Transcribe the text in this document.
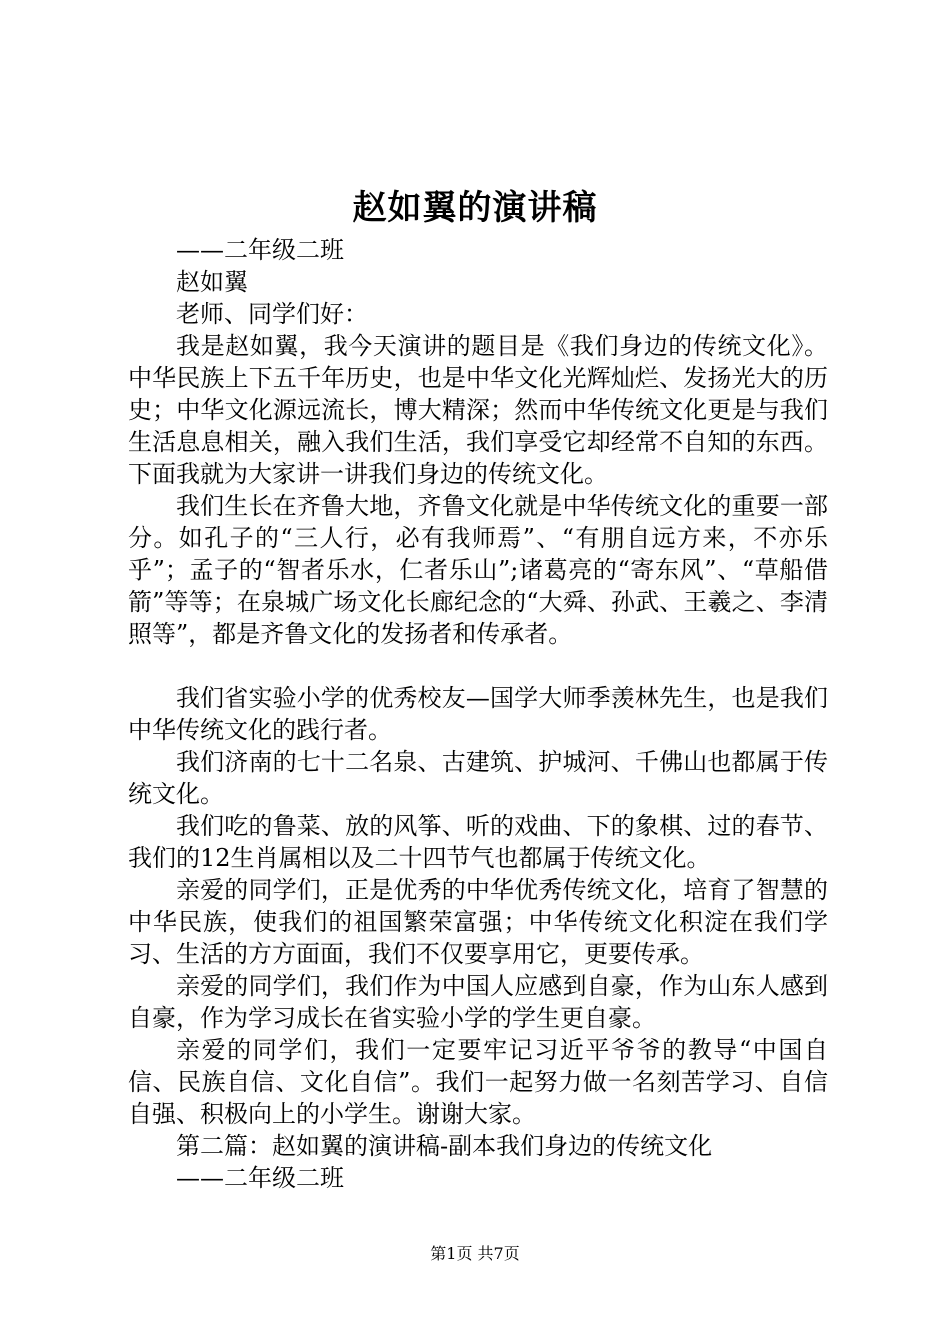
赵如翼的演讲稿

——二年级二班

赵如翼

老师、同学们好：

我是赵如翼，我今天演讲的题目是《我们身边的传统文化》。中华民族上下五千年历史，也是中华文化光辉灿烂、发扬光大的历史；中华文化源远流长，博大精深；然而中华传统文化更是与我们生活息息相关，融入我们生活，我们享受它却经常不自知的东西。下面我就为大家讲一讲我们身边的传统文化。

我们生长在齐鲁大地，齐鲁文化就是中华传统文化的重要一部分。如孔子的“三人行，必有我师焉”、“有朋自远方来，不亦乐乎”；孟子的“智者乐水，仁者乐山”;诸葛亮的“寄东风”、“草船借箭”等等；在泉城广场文化长廊纪念的“大舜、孙武、王羲之、李清照等”，都是齐鲁文化的发扬者和传承者。

我们省实验小学的优秀校友—国学大师季羡林先生，也是我们中华传统文化的践行者。

我们济南的七十二名泉、古建筑、护城河、千佛山也都属于传统文化。

我们吃的鲁菜、放的风筝、听的戏曲、下的象棋、过的春节、我们的12生肖属相以及二十四节气也都属于传统文化。

亲爱的同学们，正是优秀的中华优秀传统文化，培育了智慧的中华民族，使我们的祖国繁荣富强；中华传统文化积淀在我们学习、生活的方方面面，我们不仅要享用它，更要传承。

亲爱的同学们，我们作为中国人应感到自豪，作为山东人感到自豪，作为学习成长在省实验小学的学生更自豪。

亲爱的同学们，我们一定要牢记习近平爷爷的教导“中国自信、民族自信、文化自信”。我们一起努力做一名刻苦学习、自信自强、积极向上的小学生。谢谢大家。

第二篇：赵如翼的演讲稿-副本我们身边的传统文化

——二年级二班

第1页 共7页
